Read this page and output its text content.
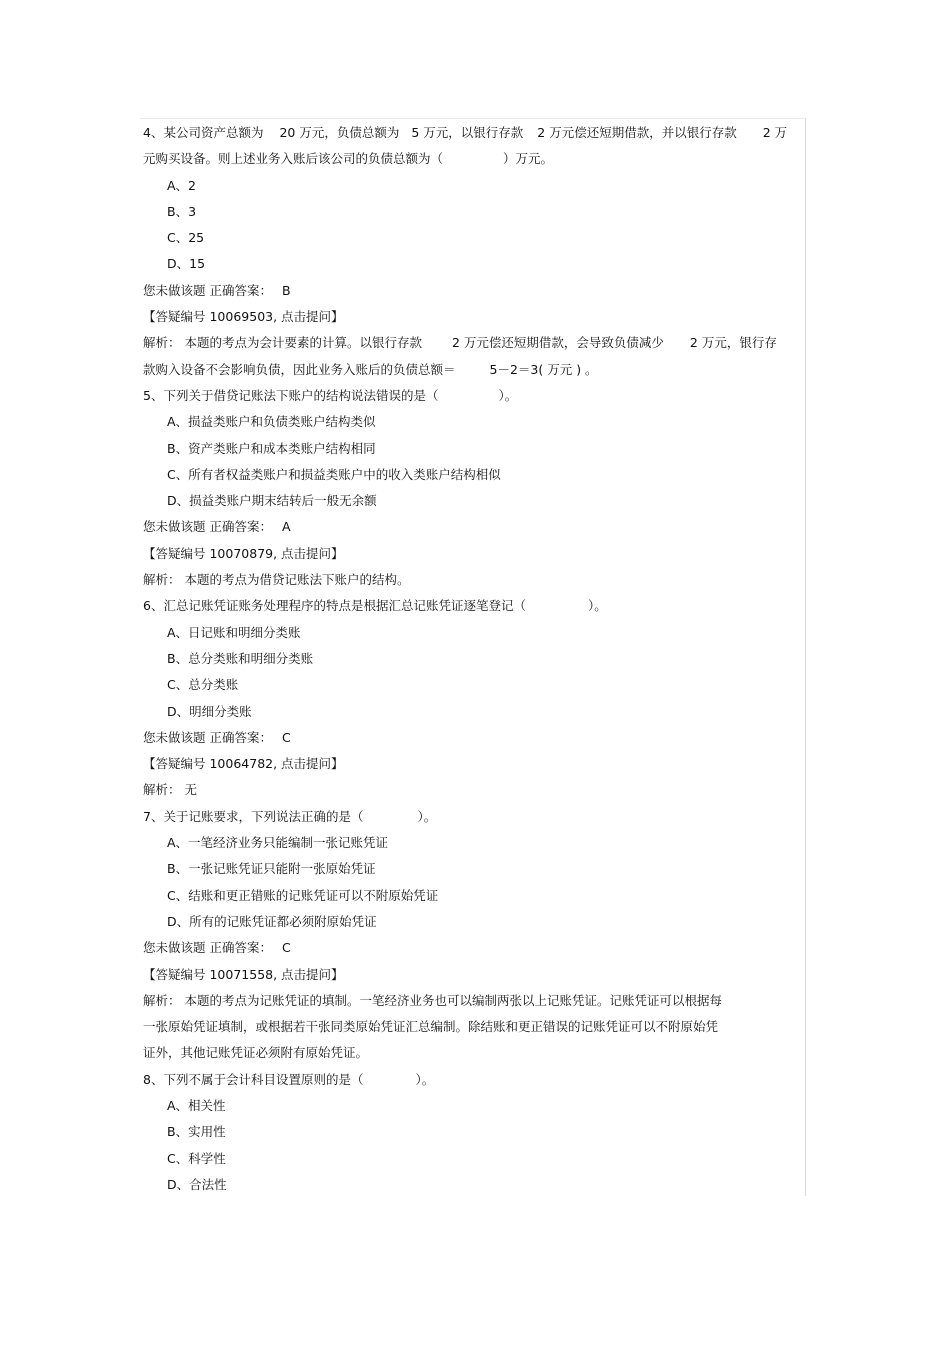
4、某公司资产总额为 20 万元，负债总额为 5 万元，以银行存款 2 万元偿还短期借款，并以银行存款 2 万
元购买设备。则上述业务入账后该公司的负债总额为（	）万元。
A、2
B、3
C、25
D、15
您未做该题 正确答案： B
【答疑编号 10069503, 点击提问】
解析： 本题的考点为会计要素的计算。以银行存款 2 万元偿还短期借款，会导致负债减少 2 万元，银行存
款购入设备不会影响负债，因此业务入账后的负债总额＝	5－2＝3( 万元 ) 。
5、下列关于借贷记账法下账户的结构说法错误的是（	）。
A、损益类账户和负债类账户结构类似
B、资产类账户和成本类账户结构相同
C、所有者权益类账户和损益类账户中的收入类账户结构相似
D、损益类账户期末结转后一般无余额
您未做该题 正确答案： A
【答疑编号 10070879, 点击提问】
解析： 本题的考点为借贷记账法下账户的结构。
6、汇总记账凭证账务处理程序的特点是根据汇总记账凭证逐笔登记（	）。
A、日记账和明细分类账
B、总分类账和明细分类账
C、总分类账
D、明细分类账
您未做该题 正确答案： C
【答疑编号 10064782, 点击提问】
解析： 无
7、关于记账要求，下列说法正确的是（	）。
A、一笔经济业务只能编制一张记账凭证
B、一张记账凭证只能附一张原始凭证
C、结账和更正错账的记账凭证可以不附原始凭证
D、所有的记账凭证都必须附原始凭证
您未做该题 正确答案： C
【答疑编号 10071558, 点击提问】
解析： 本题的考点为记账凭证的填制。一笔经济业务也可以编制两张以上记账凭证。记账凭证可以根据每
一张原始凭证填制，或根据若干张同类原始凭证汇总编制。除结账和更正错误的记账凭证可以不附原始凭
证外，其他记账凭证必须附有原始凭证。
8、下列不属于会计科目设置原则的是（	）。
A、相关性
B、实用性
C、科学性
D、合法性
